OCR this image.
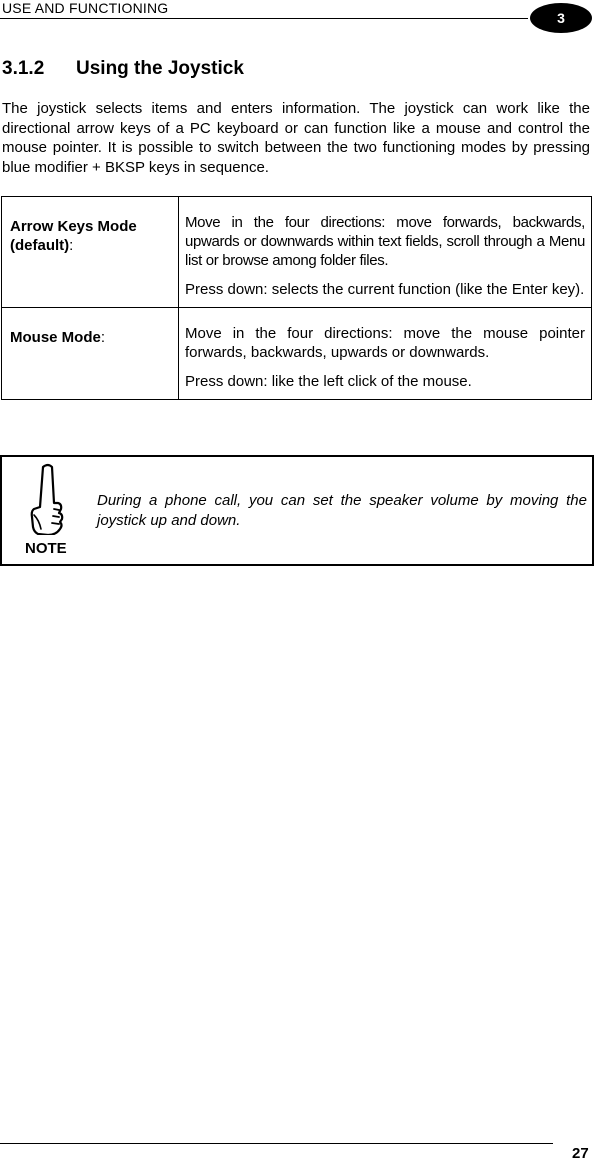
USE AND FUNCTIONING
3
3.1.2 Using the Joystick

The joystick selects items and enters information. The joystick can work like the directional arrow keys of a PC keyboard or can function like a mouse and control the mouse pointer. It is possible to switch between the two functioning modes by pressing blue modifier + BKSP keys in sequence.

Arrow Keys Mode (default):	Move in the four directions: move forwards, backwards, upwards or downwards within text fields, scroll through a Menu list or browse among folder files.

Press down: selects the current function (like the Enter key).

Mouse Mode:	Move in the four directions: move the mouse pointer forwards, backwards, upwards or downwards.

Press down: like the left click of the mouse.

NOTE

During a phone call, you can set the speaker volume by moving the joystick up and down.

27
